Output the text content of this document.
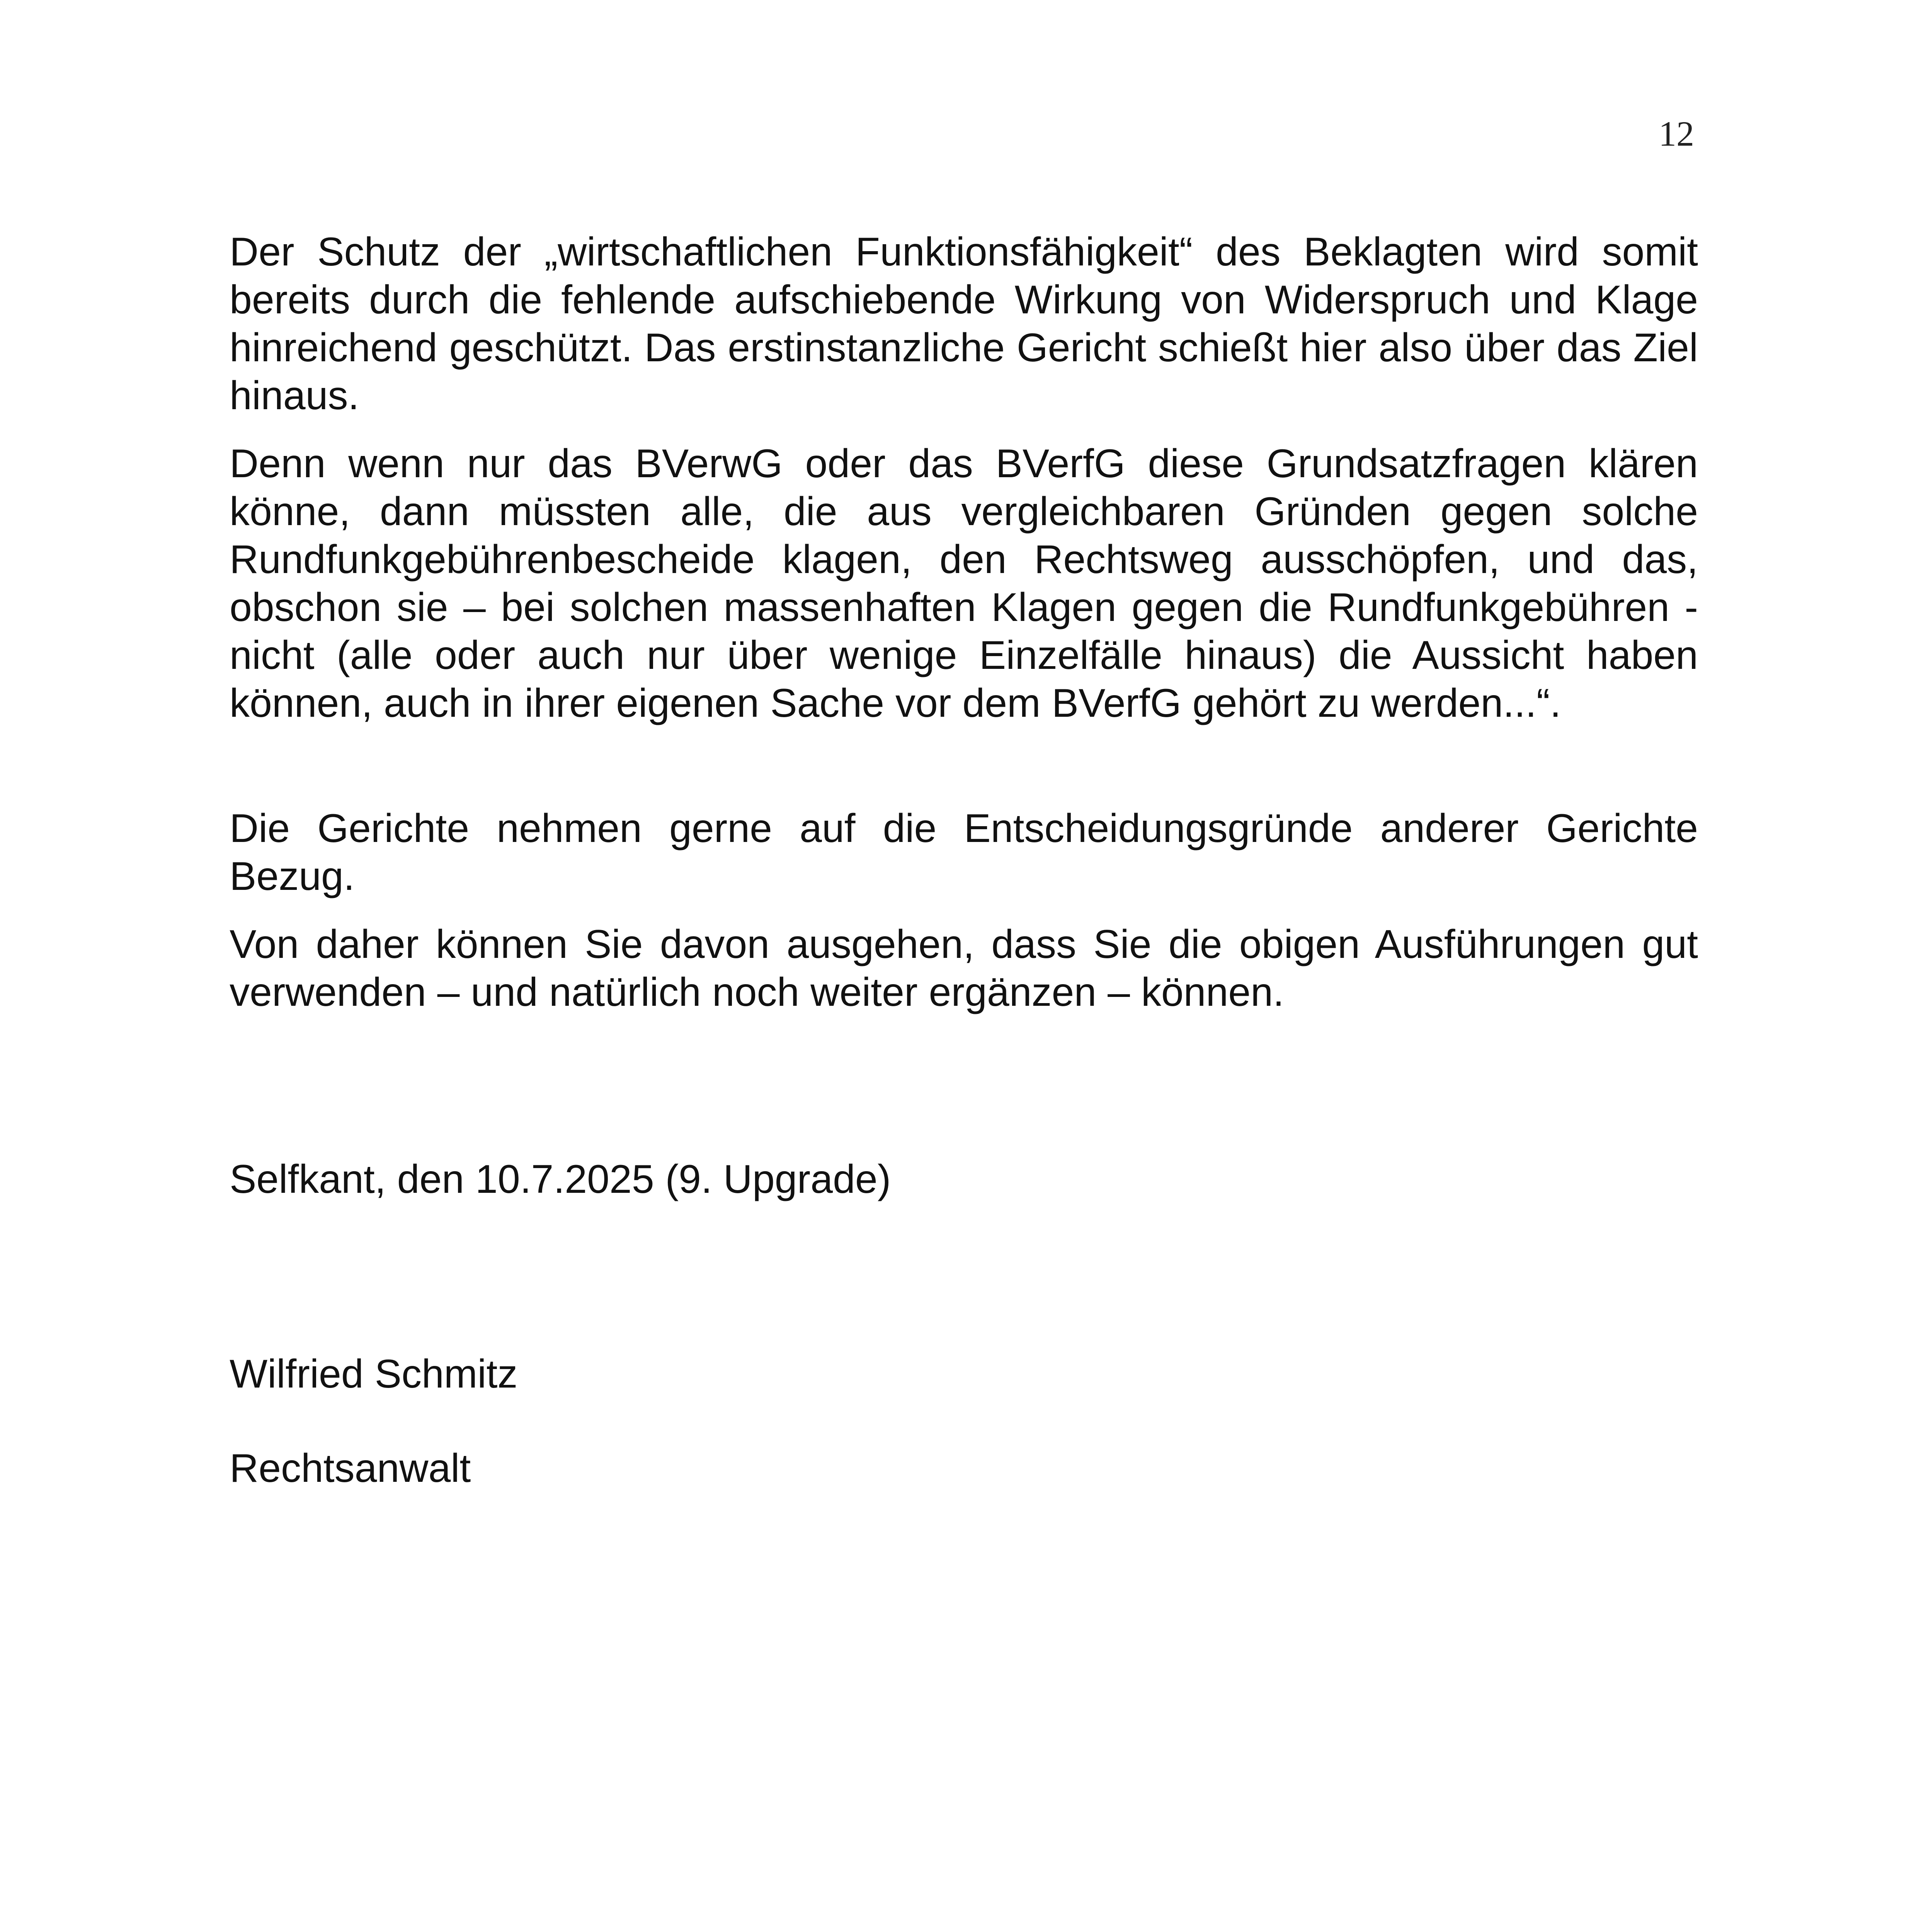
12

Der Schutz der „wirtschaftlichen Funktionsfähigkeit“ des Beklagten wird somit bereits durch die fehlende aufschiebende Wirkung von Widerspruch und Klage hinreichend geschützt. Das erstinstanzliche Gericht schießt hier also über das Ziel hinaus.

Denn wenn nur das BVerwG oder das BVerfG diese Grundsatzfragen klären könne, dann müssten alle, die aus vergleichbaren Gründen gegen solche Rundfunkgebührenbescheide klagen, den Rechtsweg ausschöpfen, und das, obschon sie – bei solchen massenhaften Klagen gegen die Rundfunkgebühren - nicht (alle oder auch nur über wenige Einzelfälle hinaus) die Aussicht haben können, auch in ihrer eigenen Sache vor dem BVerfG gehört zu werden...“.

Die Gerichte nehmen gerne auf die Entscheidungsgründe anderer Gerichte Bezug.

Von daher können Sie davon ausgehen, dass Sie die obigen Ausführungen gut verwenden – und natürlich noch weiter ergänzen – können.

Selfkant, den 10.7.2025 (9. Upgrade)

Wilfried Schmitz

Rechtsanwalt
